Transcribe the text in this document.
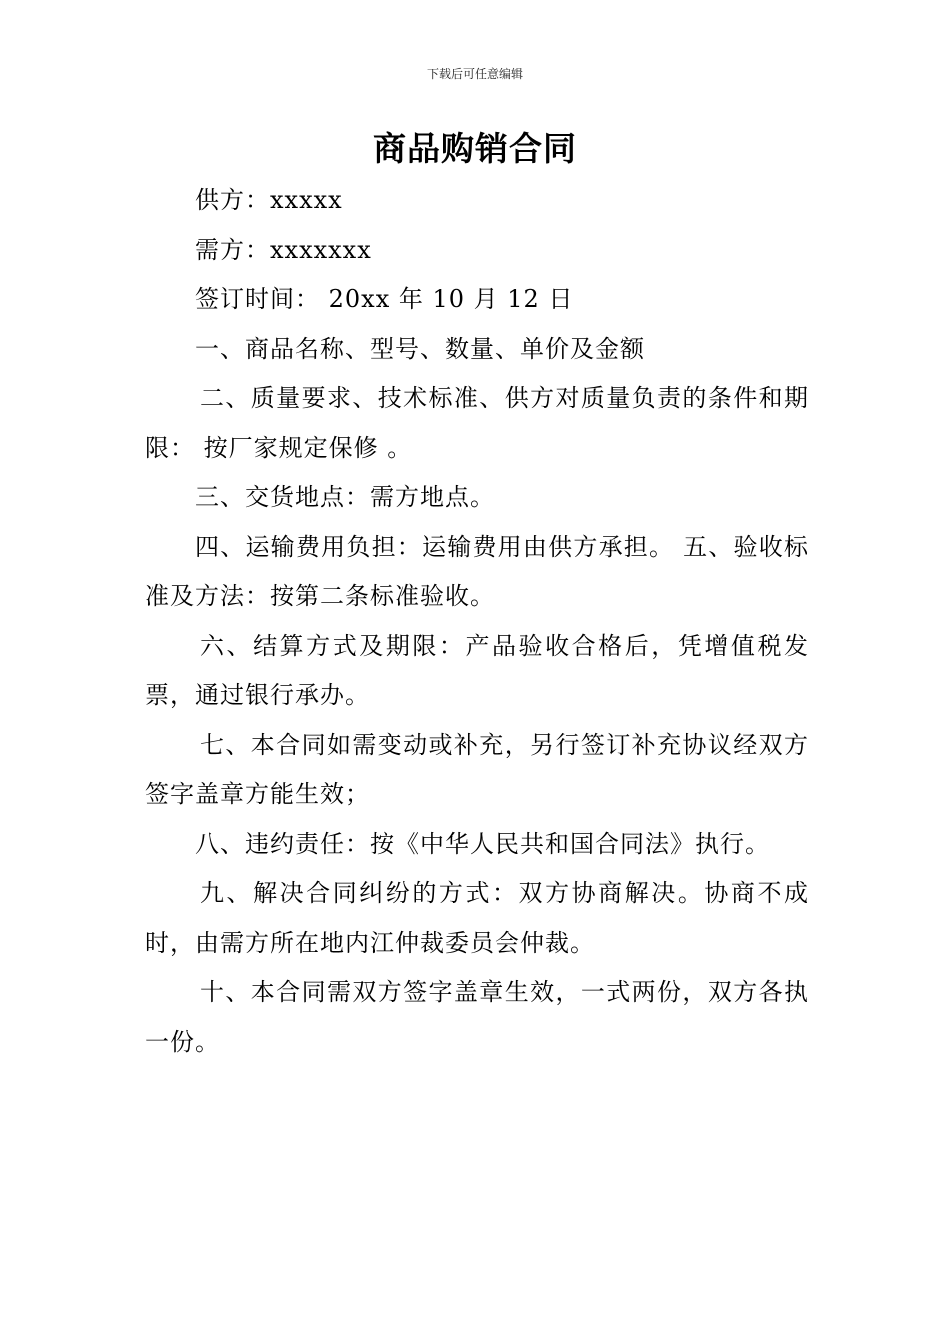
下载后可任意编辑
商品购销合同

供方：xxxxx

需方：xxxxxxx

签订时间： 20xx 年 10 月 12 日

一、商品名称、型号、数量、单价及金额

二、质量要求、技术标准、供方对质量负责的条件和期限： 按厂家规定保修 。

三、交货地点：需方地点。

四、运输费用负担：运输费用由供方承担。 五、验收标准及方法：按第二条标准验收。

六、结算方式及期限：产品验收合格后，凭增值税发票，通过银行承办。

七、本合同如需变动或补充，另行签订补充协议经双方签字盖章方能生效；

八、违约责任：按《中华人民共和国合同法》执行。

九、解决合同纠纷的方式：双方协商解决。协商不成时，由需方所在地内江仲裁委员会仲裁。

十、本合同需双方签字盖章生效，一式两份，双方各执一份。
